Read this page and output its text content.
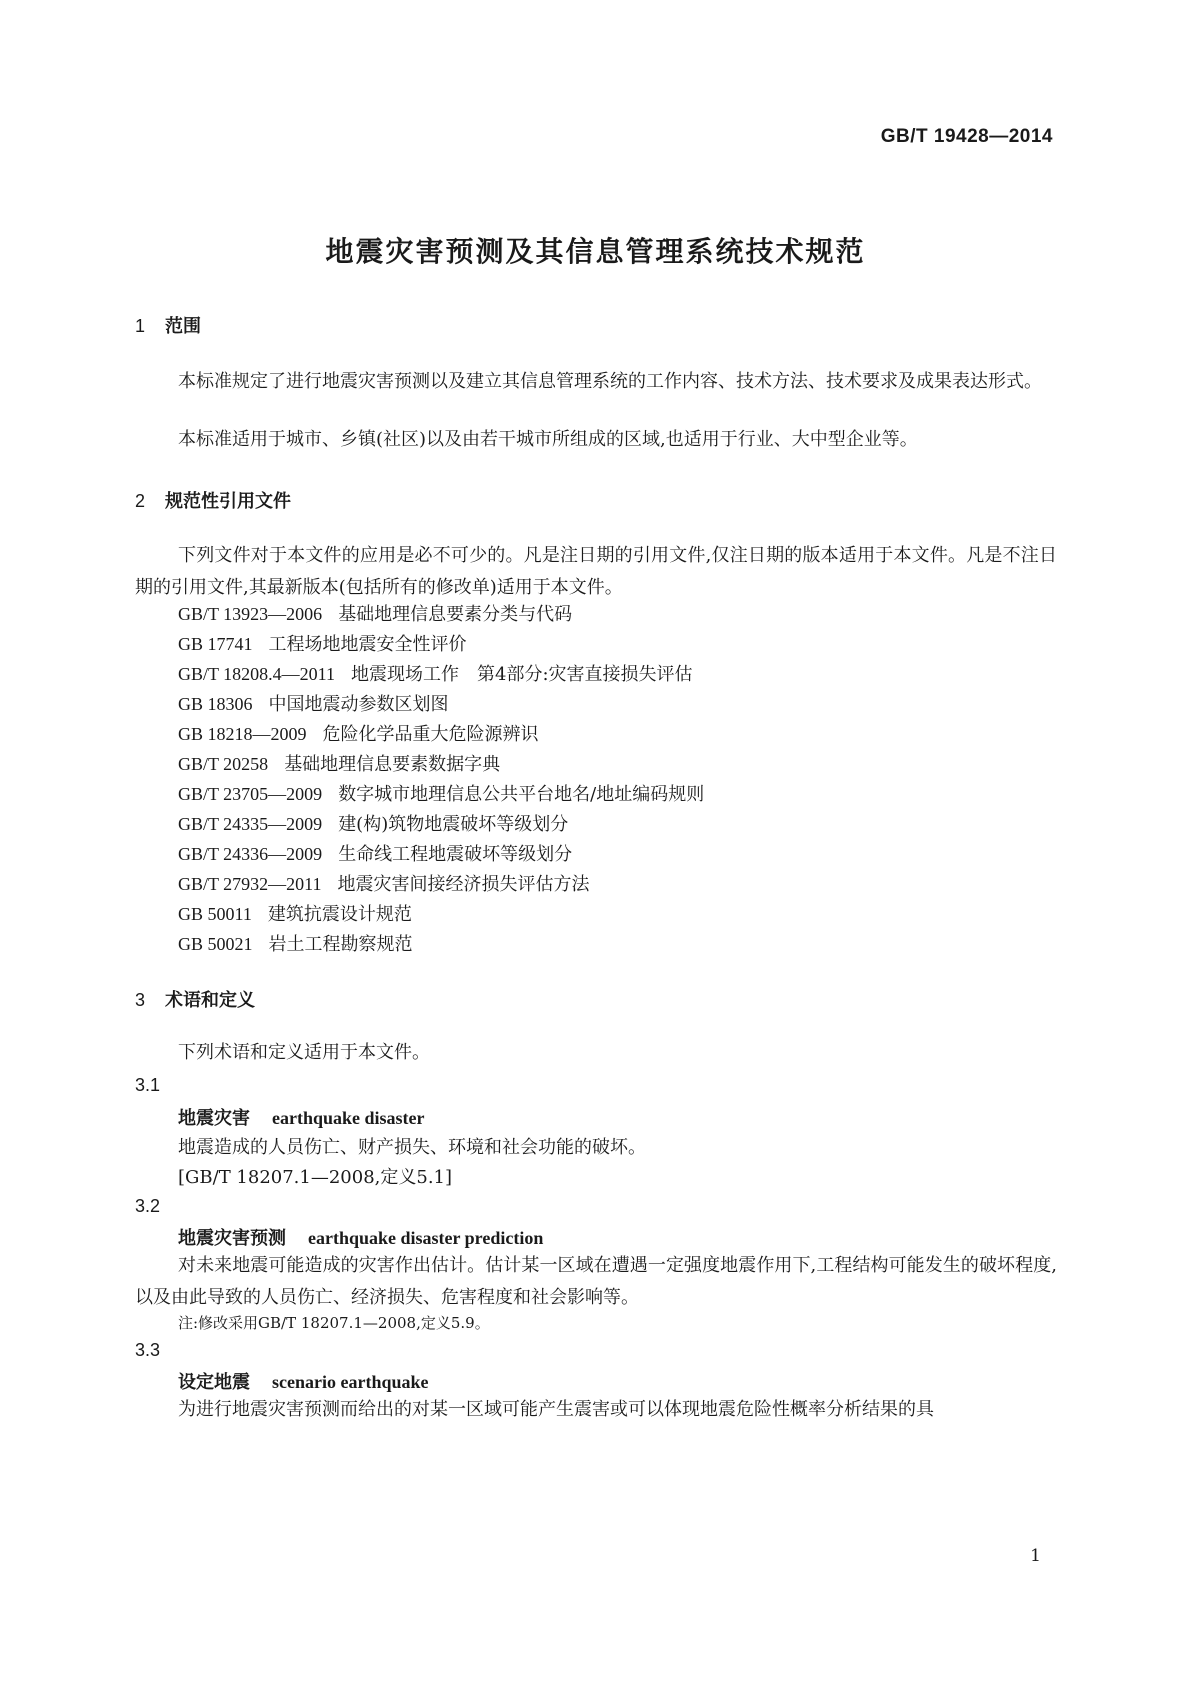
GB/T 19428—2014
地震灾害预测及其信息管理系统技术规范
1 范围
本标准规定了进行地震灾害预测以及建立其信息管理系统的工作内容、技术方法、技术要求及成果表达形式。
本标准适用于城市、乡镇(社区)以及由若干城市所组成的区域,也适用于行业、大中型企业等。
2 规范性引用文件
下列文件对于本文件的应用是必不可少的。凡是注日期的引用文件,仅注日期的版本适用于本文件。凡是不注日期的引用文件,其最新版本(包括所有的修改单)适用于本文件。
GB/T 13923—2006 基础地理信息要素分类与代码
GB 17741 工程场地地震安全性评价
GB/T 18208.4—2011 地震现场工作　第4部分:灾害直接损失评估
GB 18306 中国地震动参数区划图
GB 18218—2009 危险化学品重大危险源辨识
GB/T 20258 基础地理信息要素数据字典
GB/T 23705—2009 数字城市地理信息公共平台地名/地址编码规则
GB/T 24335—2009 建(构)筑物地震破坏等级划分
GB/T 24336—2009 生命线工程地震破坏等级划分
GB/T 27932—2011 地震灾害间接经济损失评估方法
GB 50011 建筑抗震设计规范
GB 50021 岩土工程勘察规范
3 术语和定义
下列术语和定义适用于本文件。
3.1
地震灾害 earthquake disaster
地震造成的人员伤亡、财产损失、环境和社会功能的破坏。
[GB/T 18207.1—2008,定义5.1]
3.2
地震灾害预测 earthquake disaster prediction
对未来地震可能造成的灾害作出估计。估计某一区域在遭遇一定强度地震作用下,工程结构可能发生的破坏程度,以及由此导致的人员伤亡、经济损失、危害程度和社会影响等。
注:修改采用GB/T 18207.1—2008,定义5.9。
3.3
设定地震 scenario earthquake
为进行地震灾害预测而给出的对某一区域可能产生震害或可以体现地震危险性概率分析结果的具
1
